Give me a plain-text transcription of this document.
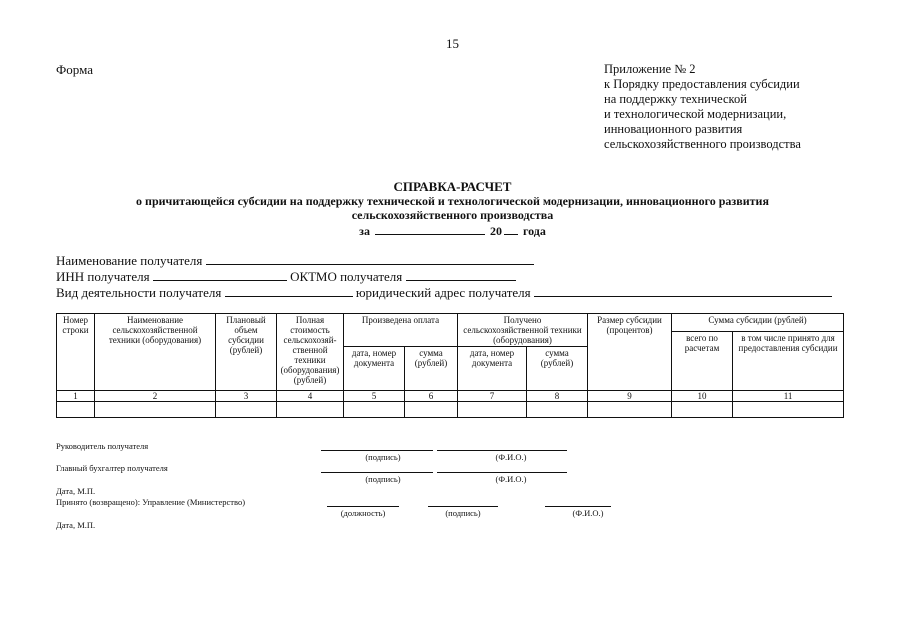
15
Форма	Приложение № 2
к Порядку предоставления субсидии
на поддержку технической
и технологической модернизации,
инновационного развития
сельскохозяйственного производства
СПРАВКА-РАСЧЕТ
о причитающейся субсидии на поддержку технической и технологической модернизации, инновационного развития
сельскохозяйственного производства
за	20 года
Наименование получателя
ИНН получателя	ОКТМО получателя
Вид деятельности получателя	юридический адрес получателя
Номер строки	Наименование сельскохозяйственной техники (оборудования)	Плановый объем субсидии (рублей)	Полная стоимость сельскохозяй-ственной техники (оборудования) (рублей)	Произведена оплата		Получено сельскохозяйственной техники (оборудования)		Размер субсидии (процентов)	Сумма субсидии (рублей)	
									всего по расчетам	в том числе принято для предоставления субсидии
				дата, номер документа	сумма (рублей)	дата, номер документа	сумма (рублей)			
1	2	3	4	5	6	7	8	9	10	11

Руководитель получателя
(подпись)	(Ф.И.О.)
Главный бухгалтер получателя
(подпись)	(Ф.И.О.)
Дата, М.П.
Принято (возвращено): Управление (Министерство)
(должность)	(подпись)	(Ф.И.О.)
Дата, М.П.
